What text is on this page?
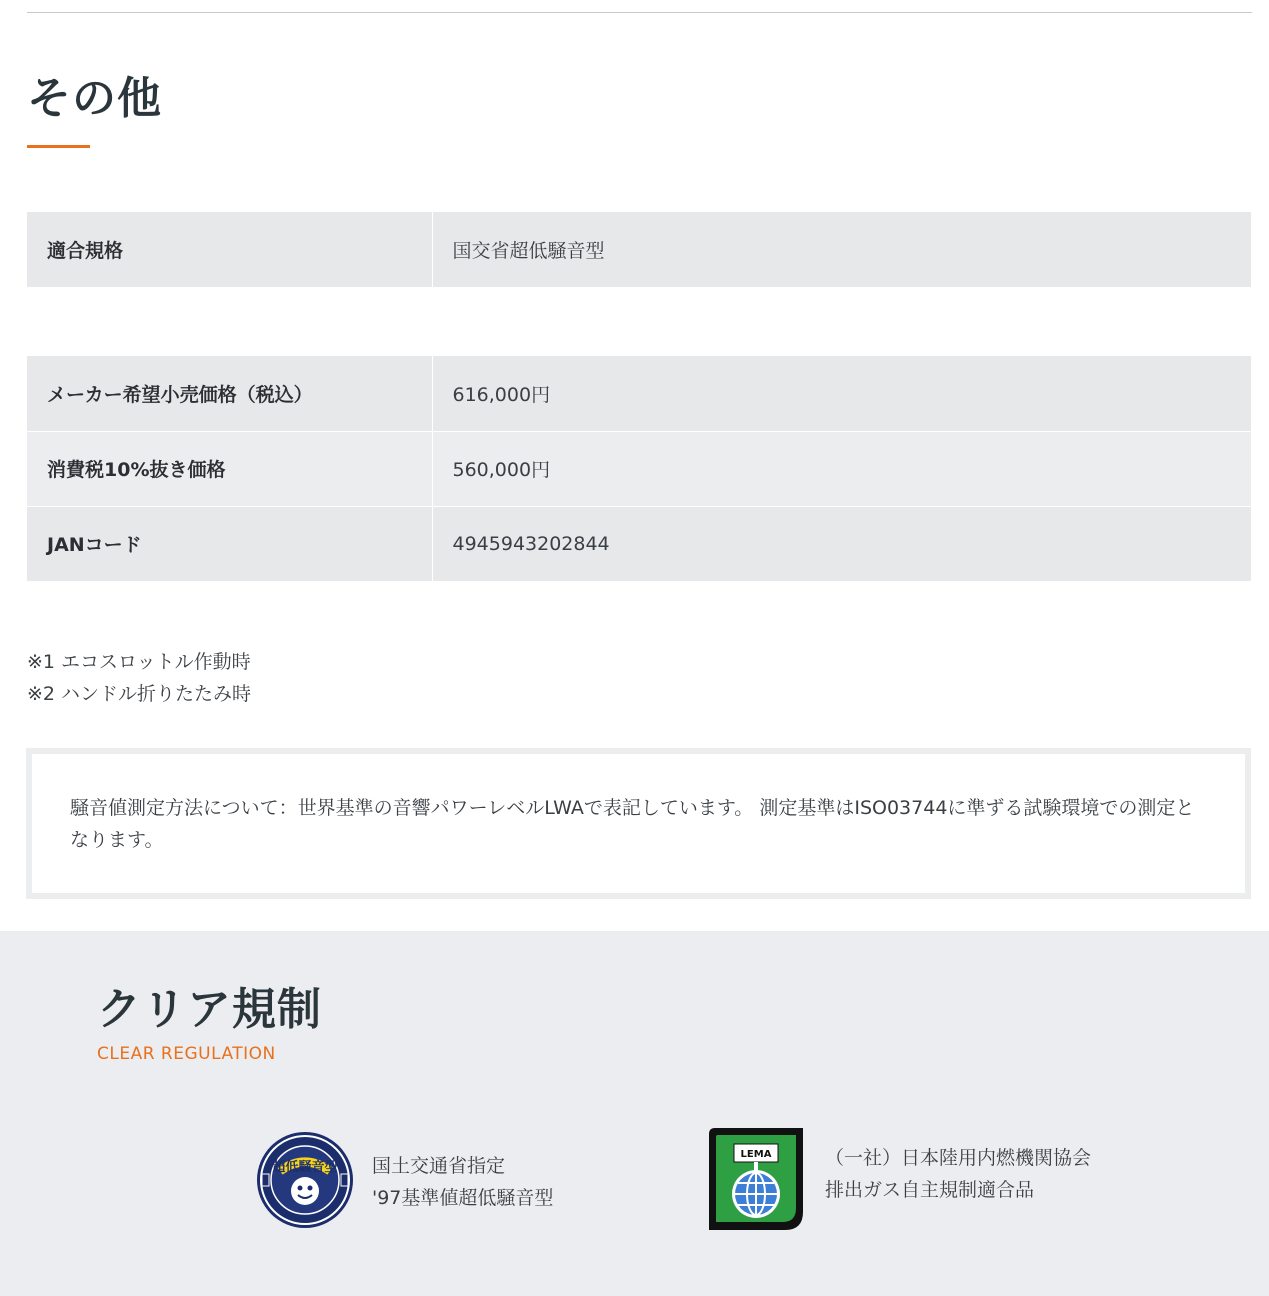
その他
適合規格	国交省超低騒音型
メーカー希望小売価格（税込）	616,000円
消費税10%抜き価格	560,000円
JANコード	4945943202844
※1 エコスロットル作動時
※2 ハンドル折りたたみ時
騒音値測定方法について：世界基準の音響パワーレベルLWAで表記しています。 測定基準はISO03744に準ずる試験環境での測定となります。
クリア規制
CLEAR REGULATION
超低騒音型 国土交通省指定
'97基準値超低騒音型
LEMA	（一社）日本陸用内燃機関協会
排出ガス自主規制適合品
